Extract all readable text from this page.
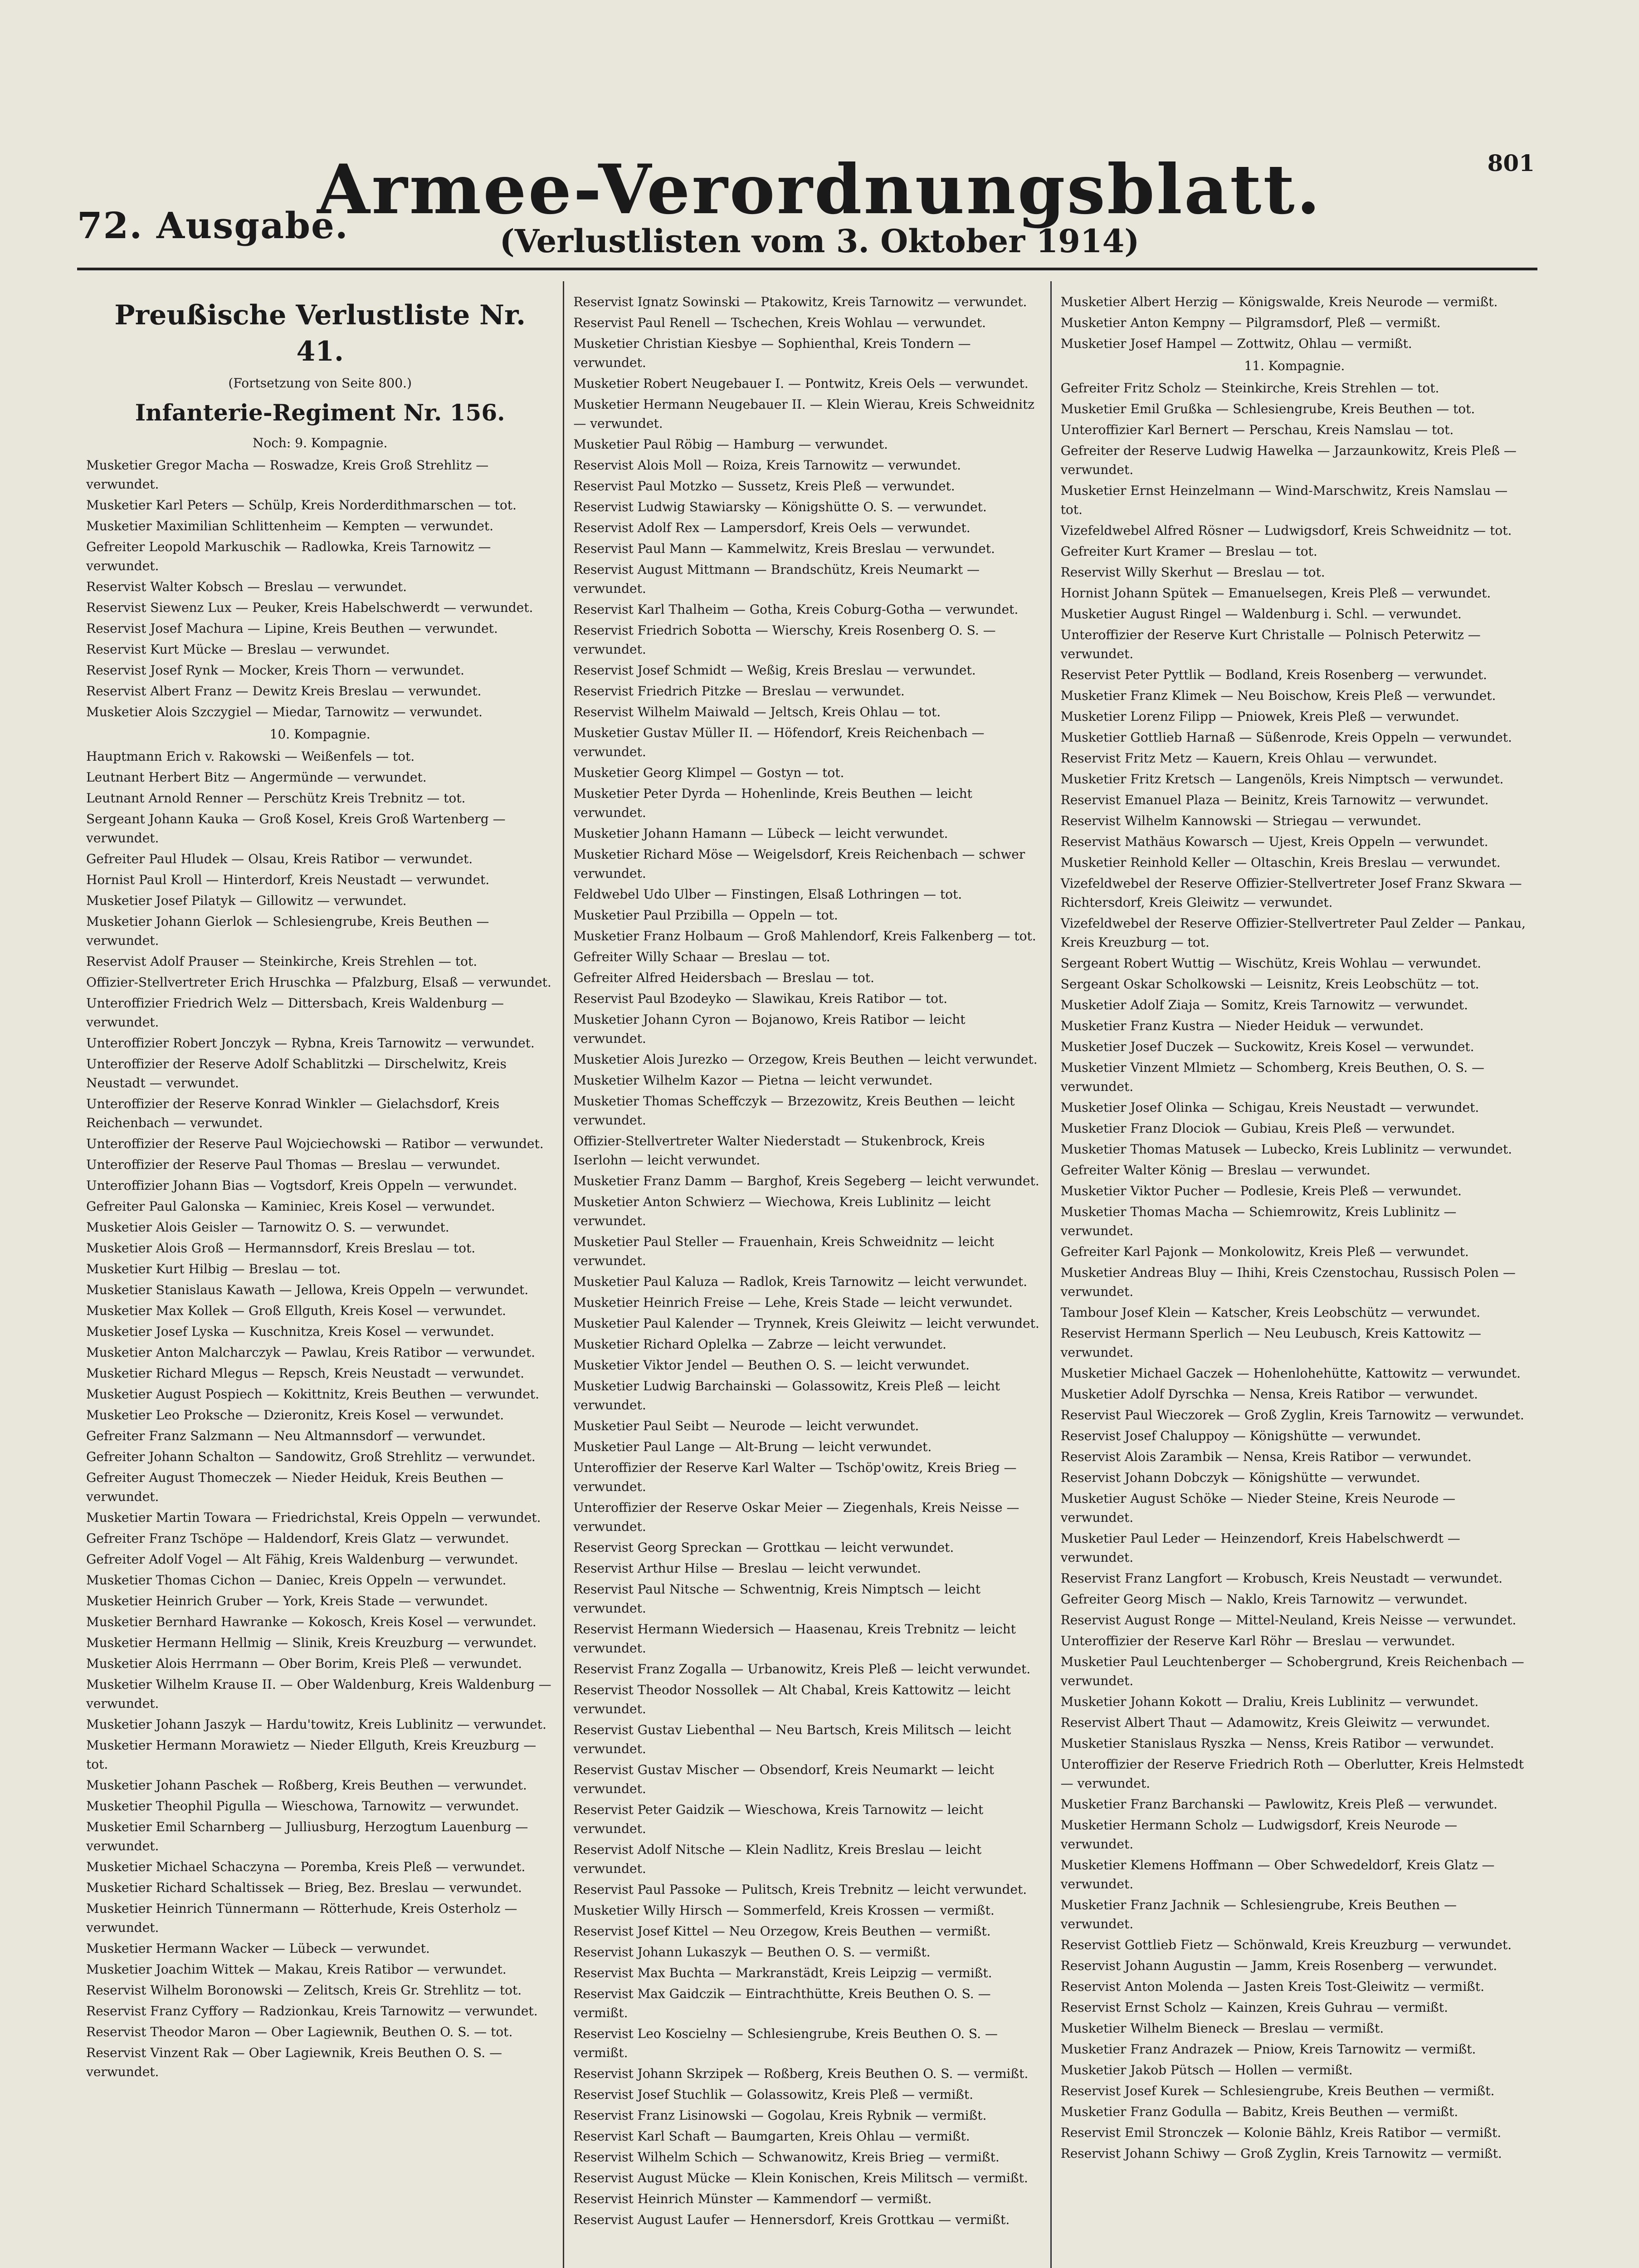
801
Armee-Verordnungsblatt.
72. Ausgabe.	(Verlustlisten vom 3. Oktober 1914)
Preußische Verlustliste Nr. 41.
(Fortsetzung von Seite 800.)
Infanterie-Regiment Nr. 156.
Noch: 9. Kompagnie.
Musketier Gregor Macha — Roswadze, Kreis Groß Strehlitz — verwundet.
Musketier Karl Peters — Schülp, Kreis Norderdithmarschen — tot.
Musketier Maximilian Schlittenheim — Kempten — verwundet.
Gefreiter Leopold Markuschik — Radlowka, Kreis Tarnowitz — verwundet.
Reservist Walter Kobsch — Breslau — verwundet.
Reservist Siewenz Lux — Peuker, Kreis Habelschwerdt — verwundet.
Reservist Josef Machura — Lipine, Kreis Beuthen — verwundet.
Reservist Kurt Mücke — Breslau — verwundet.
Reservist Josef Rynk — Mocker, Kreis Thorn — verwundet.
Reservist Albert Franz — Dewitz Kreis Breslau — verwundet.
Musketier Alois Szczygiel — Miedar, Tarnowitz — verwundet.
10. Kompagnie.
Hauptmann Erich v. Rakowski — Weißenfels — tot.
Leutnant Herbert Bitz — Angermünde — verwundet.
Leutnant Arnold Renner — Perschütz Kreis Trebnitz — tot.
Sergeant Johann Kauka — Groß Kosel, Kreis Groß Wartenberg — verwundet.
Gefreiter Paul Hludek — Olsau, Kreis Ratibor — verwundet.
Hornist Paul Kroll — Hinterdorf, Kreis Neustadt — verwundet.
Musketier Josef Pilatyk — Gillowitz — verwundet.
Musketier Johann Gierlok — Schlesiengrube, Kreis Beuthen — verwundet.
Reservist Adolf Prauser — Steinkirche, Kreis Strehlen — tot.
Offizier-Stellvertreter Erich Hruschka — Pfalzburg, Elsaß — verwundet.
Unteroffizier Friedrich Welz — Dittersbach, Kreis Waldenburg — verwundet.
Unteroffizier Robert Jonczyk — Rybna, Kreis Tarnowitz — verwundet.
Unteroffizier der Reserve Adolf Schablitzki — Dirschelwitz, Kreis Neustadt — verwundet.
Unteroffizier der Reserve Konrad Winkler — Gielachsdorf, Kreis Reichenbach — verwundet.
Unteroffizier der Reserve Paul Wojciechowski — Ratibor — verwundet.
Unteroffizier der Reserve Paul Thomas — Breslau — verwundet.
Unteroffizier Johann Bias — Vogtsdorf, Kreis Oppeln — verwundet.
Gefreiter Paul Galonska — Kaminiec, Kreis Kosel — verwundet.
Musketier Alois Geisler — Tarnowitz O. S. — verwundet.
Musketier Alois Groß — Hermannsdorf, Kreis Breslau — tot.
Musketier Kurt Hilbig — Breslau — tot.
Musketier Stanislaus Kawath — Jellowa, Kreis Oppeln — verwundet.
Musketier Max Kollek — Groß Ellguth, Kreis Kosel — verwundet.
Musketier Josef Lyska — Kuschnitza, Kreis Kosel — verwundet.
Musketier Anton Malcharczyk — Pawlau, Kreis Ratibor — verwundet.
Musketier Richard Mlegus — Repsch, Kreis Neustadt — verwundet.
Musketier August Pospiech — Kokittnitz, Kreis Beuthen — verwundet.
Musketier Leo Proksche — Dzieronitz, Kreis Kosel — verwundet.
Gefreiter Franz Salzmann — Neu Altmannsdorf — verwundet.
Gefreiter Johann Schalton — Sandowitz, Groß Strehlitz — verwundet.
Gefreiter August Thomeczek — Nieder Heiduk, Kreis Beuthen — verwundet.
Musketier Martin Towara — Friedrichstal, Kreis Oppeln — verwundet.
Gefreiter Franz Tschöpe — Haldendorf, Kreis Glatz — verwundet.
Gefreiter Adolf Vogel — Alt Fähig, Kreis Waldenburg — verwundet.
Musketier Thomas Cichon — Daniec, Kreis Oppeln — verwundet.
Musketier Heinrich Gruber — York, Kreis Stade — verwundet.
Musketier Bernhard Hawranke — Kokosch, Kreis Kosel — verwundet.
Musketier Hermann Hellmig — Slinik, Kreis Kreuzburg — verwundet.
Musketier Alois Herrmann — Ober Borim, Kreis Pleß — verwundet.
Musketier Wilhelm Krause II. — Ober Waldenburg, Kreis Waldenburg — verwundet.
Musketier Johann Jaszyk — Hardu'towitz, Kreis Lublinitz — verwundet.
Musketier Hermann Morawietz — Nieder Ellguth, Kreis Kreuzburg — tot.
Musketier Johann Paschek — Roßberg, Kreis Beuthen — verwundet.
Musketier Theophil Pigulla — Wieschowa, Tarnowitz — verwundet.
Musketier Emil Scharnberg — Julliusburg, Herzogtum Lauenburg — verwundet.
Musketier Michael Schaczyna — Poremba, Kreis Pleß — verwundet.
Musketier Richard Schaltissek — Brieg, Bez. Breslau — verwundet.
Musketier Heinrich Tünnermann — Rötterhude, Kreis Osterholz — verwundet.
Musketier Hermann Wacker — Lübeck — verwundet.
Musketier Joachim Wittek — Makau, Kreis Ratibor — verwundet.
Reservist Wilhelm Boronowski — Zelitsch, Kreis Gr. Strehlitz — tot.
Reservist Franz Cyffory — Radzionkau, Kreis Tarnowitz — verwundet.
Reservist Theodor Maron — Ober Lagiewnik, Beuthen O. S. — tot.
Reservist Vinzent Rak — Ober Lagiewnik, Kreis Beuthen O. S. — verwundet.
Reservist Ignatz Sowinski — Ptakowitz, Kreis Tarnowitz — verwundet.
Reservist Paul Renell — Tschechen, Kreis Wohlau — verwundet.
Musketier Christian Kiesbye — Sophienthal, Kreis Tondern — verwundet.
Musketier Robert Neugebauer I. — Pontwitz, Kreis Oels — verwundet.
Musketier Hermann Neugebauer II. — Klein Wierau, Kreis Schweidnitz — verwundet.
Musketier Paul Röbig — Hamburg — verwundet.
Reservist Alois Moll — Roiza, Kreis Tarnowitz — verwundet.
Reservist Paul Motzko — Sussetz, Kreis Pleß — verwundet.
Reservist Ludwig Stawiarsky — Königshütte O. S. — verwundet.
Reservist Adolf Rex — Lampersdorf, Kreis Oels — verwundet.
Reservist Paul Mann — Kammelwitz, Kreis Breslau — verwundet.
Reservist August Mittmann — Brandschütz, Kreis Neumarkt — verwundet.
Reservist Karl Thalheim — Gotha, Kreis Coburg-Gotha — verwundet.
Reservist Friedrich Sobotta — Wierschy, Kreis Rosenberg O. S. — verwundet.
Reservist Josef Schmidt — Weßig, Kreis Breslau — verwundet.
Reservist Friedrich Pitzke — Breslau — verwundet.
Reservist Wilhelm Maiwald — Jeltsch, Kreis Ohlau — tot.
Musketier Gustav Müller II. — Höfendorf, Kreis Reichenbach — verwundet.
Musketier Georg Klimpel — Gostyn — tot.
Musketier Peter Dyrda — Hohenlinde, Kreis Beuthen — leicht verwundet.
Musketier Johann Hamann — Lübeck — leicht verwundet.
Musketier Richard Möse — Weigelsdorf, Kreis Reichenbach — schwer verwundet.
Feldwebel Udo Ulber — Finstingen, Elsaß Lothringen — tot.
Musketier Paul Przibilla — Oppeln — tot.
Musketier Franz Holbaum — Groß Mahlendorf, Kreis Falkenberg — tot.
Gefreiter Willy Schaar — Breslau — tot.
Gefreiter Alfred Heidersbach — Breslau — tot.
Reservist Paul Bzodeyko — Slawikau, Kreis Ratibor — tot.
Musketier Johann Cyron — Bojanowo, Kreis Ratibor — leicht verwundet.
Musketier Alois Jurezko — Orzegow, Kreis Beuthen — leicht verwundet.
Musketier Wilhelm Kazor — Pietna — leicht verwundet.
Musketier Thomas Scheffczyk — Brzezowitz, Kreis Beuthen — leicht verwundet.
Offizier-Stellvertreter Walter Niederstadt — Stukenbrock, Kreis Iserlohn — leicht verwundet.
Musketier Franz Damm — Barghof, Kreis Segeberg — leicht verwundet.
Musketier Anton Schwierz — Wiechowa, Kreis Lublinitz — leicht verwundet.
Musketier Paul Steller — Frauenhain, Kreis Schweidnitz — leicht verwundet.
Musketier Paul Kaluza — Radlok, Kreis Tarnowitz — leicht verwundet.
Musketier Heinrich Freise — Lehe, Kreis Stade — leicht verwundet.
Musketier Paul Kalender — Trynnek, Kreis Gleiwitz — leicht verwundet.
Musketier Richard Oplelka — Zabrze — leicht verwundet.
Musketier Viktor Jendel — Beuthen O. S. — leicht verwundet.
Musketier Ludwig Barchainski — Golassowitz, Kreis Pleß — leicht verwundet.
Musketier Paul Seibt — Neurode — leicht verwundet.
Musketier Paul Lange — Alt-Brung — leicht verwundet.
Unteroffizier der Reserve Karl Walter — Tschöp'owitz, Kreis Brieg — verwundet.
Unteroffizier der Reserve Oskar Meier — Ziegenhals, Kreis Neisse — verwundet.
Reservist Georg Spreckan — Grottkau — leicht verwundet.
Reservist Arthur Hilse — Breslau — leicht verwundet.
Reservist Paul Nitsche — Schwentnig, Kreis Nimptsch — leicht verwundet.
Reservist Hermann Wiedersich — Haasenau, Kreis Trebnitz — leicht verwundet.
Reservist Franz Zogalla — Urbanowitz, Kreis Pleß — leicht verwundet.
Reservist Theodor Nossollek — Alt Chabal, Kreis Kattowitz — leicht verwundet.
Reservist Gustav Liebenthal — Neu Bartsch, Kreis Militsch — leicht verwundet.
Reservist Gustav Mischer — Obsendorf, Kreis Neumarkt — leicht verwundet.
Reservist Peter Gaidzik — Wieschowa, Kreis Tarnowitz — leicht verwundet.
Reservist Adolf Nitsche — Klein Nadlitz, Kreis Breslau — leicht verwundet.
Reservist Paul Passoke — Pulitsch, Kreis Trebnitz — leicht verwundet.
Musketier Willy Hirsch — Sommerfeld, Kreis Krossen — vermißt.
Reservist Josef Kittel — Neu Orzegow, Kreis Beuthen — vermißt.
Reservist Johann Lukaszyk — Beuthen O. S. — vermißt.
Reservist Max Buchta — Markranstädt, Kreis Leipzig — vermißt.
Reservist Max Gaidczik — Eintrachthütte, Kreis Beuthen O. S. — vermißt.
Reservist Leo Koscielny — Schlesiengrube, Kreis Beuthen O. S. — vermißt.
Reservist Johann Skrzipek — Roßberg, Kreis Beuthen O. S. — vermißt.
Reservist Josef Stuchlik — Golassowitz, Kreis Pleß — vermißt.
Reservist Franz Lisinowski — Gogolau, Kreis Rybnik — vermißt.
Reservist Karl Schaft — Baumgarten, Kreis Ohlau — vermißt.
Reservist Wilhelm Schich — Schwanowitz, Kreis Brieg — vermißt.
Reservist August Mücke — Klein Konischen, Kreis Militsch — vermißt.
Reservist Heinrich Münster — Kammendorf — vermißt.
Reservist August Laufer — Hennersdorf, Kreis Grottkau — vermißt.
Musketier Albert Herzig — Königswalde, Kreis Neurode — vermißt.
Musketier Anton Kempny — Pilgramsdorf, Pleß — vermißt.
Musketier Josef Hampel — Zottwitz, Ohlau — vermißt.
11. Kompagnie.
Gefreiter Fritz Scholz — Steinkirche, Kreis Strehlen — tot.
Musketier Emil Grußka — Schlesiengrube, Kreis Beuthen — tot.
Unteroffizier Karl Bernert — Perschau, Kreis Namslau — tot.
Gefreiter der Reserve Ludwig Hawelka — Jarzaunkowitz, Kreis Pleß — verwundet.
Musketier Ernst Heinzelmann — Wind-Marschwitz, Kreis Namslau — tot.
Vizefeldwebel Alfred Rösner — Ludwigsdorf, Kreis Schweidnitz — tot.
Gefreiter Kurt Kramer — Breslau — tot.
Reservist Willy Skerhut — Breslau — tot.
Hornist Johann Spütek — Emanuelsegen, Kreis Pleß — verwundet.
Musketier August Ringel — Waldenburg i. Schl. — verwundet.
Unteroffizier der Reserve Kurt Christalle — Polnisch Peterwitz — verwundet.
Reservist Peter Pyttlik — Bodland, Kreis Rosenberg — verwundet.
Musketier Franz Klimek — Neu Boischow, Kreis Pleß — verwundet.
Musketier Lorenz Filipp — Pniowek, Kreis Pleß — verwundet.
Musketier Gottlieb Harnaß — Süßenrode, Kreis Oppeln — verwundet.
Reservist Fritz Metz — Kauern, Kreis Ohlau — verwundet.
Musketier Fritz Kretsch — Langenöls, Kreis Nimptsch — verwundet.
Reservist Emanuel Plaza — Beinitz, Kreis Tarnowitz — verwundet.
Reservist Wilhelm Kannowski — Striegau — verwundet.
Reservist Mathäus Kowarsch — Ujest, Kreis Oppeln — verwundet.
Musketier Reinhold Keller — Oltaschin, Kreis Breslau — verwundet.
Vizefeldwebel der Reserve Offizier-Stellvertreter Josef Franz Skwara — Richtersdorf, Kreis Gleiwitz — verwundet.
Vizefeldwebel der Reserve Offizier-Stellvertreter Paul Zelder — Pankau, Kreis Kreuzburg — tot.
Sergeant Robert Wuttig — Wischütz, Kreis Wohlau — verwundet.
Sergeant Oskar Scholkowski — Leisnitz, Kreis Leobschütz — tot.
Musketier Adolf Ziaja — Somitz, Kreis Tarnowitz — verwundet.
Musketier Franz Kustra — Nieder Heiduk — verwundet.
Musketier Josef Duczek — Suckowitz, Kreis Kosel — verwundet.
Musketier Vinzent Mlmietz — Schomberg, Kreis Beuthen, O. S. — verwundet.
Musketier Josef Olinka — Schigau, Kreis Neustadt — verwundet.
Musketier Franz Dlociok — Gubiau, Kreis Pleß — verwundet.
Musketier Thomas Matusek — Lubecko, Kreis Lublinitz — verwundet.
Gefreiter Walter König — Breslau — verwundet.
Musketier Viktor Pucher — Podlesie, Kreis Pleß — verwundet.
Musketier Thomas Macha — Schiemrowitz, Kreis Lublinitz — verwundet.
Gefreiter Karl Pajonk — Monkolowitz, Kreis Pleß — verwundet.
Musketier Andreas Bluy — Ihihi, Kreis Czenstochau, Russisch Polen — verwundet.
Tambour Josef Klein — Katscher, Kreis Leobschütz — verwundet.
Reservist Hermann Sperlich — Neu Leubusch, Kreis Kattowitz — verwundet.
Musketier Michael Gaczek — Hohenlohehütte, Kattowitz — verwundet.
Musketier Adolf Dyrschka — Nensa, Kreis Ratibor — verwundet.
Reservist Paul Wieczorek — Groß Zyglin, Kreis Tarnowitz — verwundet.
Reservist Josef Chaluppoy — Königshütte — verwundet.
Reservist Alois Zarambik — Nensa, Kreis Ratibor — verwundet.
Reservist Johann Dobczyk — Königshütte — verwundet.
Musketier August Schöke — Nieder Steine, Kreis Neurode — verwundet.
Musketier Paul Leder — Heinzendorf, Kreis Habelschwerdt — verwundet.
Reservist Franz Langfort — Krobusch, Kreis Neustadt — verwundet.
Gefreiter Georg Misch — Naklo, Kreis Tarnowitz — verwundet.
Reservist August Ronge — Mittel-Neuland, Kreis Neisse — verwundet.
Unteroffizier der Reserve Karl Röhr — Breslau — verwundet.
Musketier Paul Leuchtenberger — Schobergrund, Kreis Reichenbach — verwundet.
Musketier Johann Kokott — Draliu, Kreis Lublinitz — verwundet.
Reservist Albert Thaut — Adamowitz, Kreis Gleiwitz — verwundet.
Musketier Stanislaus Ryszka — Nenss, Kreis Ratibor — verwundet.
Unteroffizier der Reserve Friedrich Roth — Oberlutter, Kreis Helmstedt — verwundet.
Musketier Franz Barchanski — Pawlowitz, Kreis Pleß — verwundet.
Musketier Hermann Scholz — Ludwigsdorf, Kreis Neurode — verwundet.
Musketier Klemens Hoffmann — Ober Schwedeldorf, Kreis Glatz — verwundet.
Musketier Franz Jachnik — Schlesiengrube, Kreis Beuthen — verwundet.
Reservist Gottlieb Fietz — Schönwald, Kreis Kreuzburg — verwundet.
Reservist Johann Augustin — Jamm, Kreis Rosenberg — verwundet.
Reservist Anton Molenda — Jasten Kreis Tost-Gleiwitz — vermißt.
Reservist Ernst Scholz — Kainzen, Kreis Guhrau — vermißt.
Musketier Wilhelm Bieneck — Breslau — vermißt.
Musketier Franz Andrazek — Pniow, Kreis Tarnowitz — vermißt.
Musketier Jakob Pütsch — Hollen — vermißt.
Reservist Josef Kurek — Schlesiengrube, Kreis Beuthen — vermißt.
Musketier Franz Godulla — Babitz, Kreis Beuthen — vermißt.
Reservist Emil Stronczek — Kolonie Bählz, Kreis Ratibor — vermißt.
Reservist Johann Schiwy — Groß Zyglin, Kreis Tarnowitz — vermißt.
